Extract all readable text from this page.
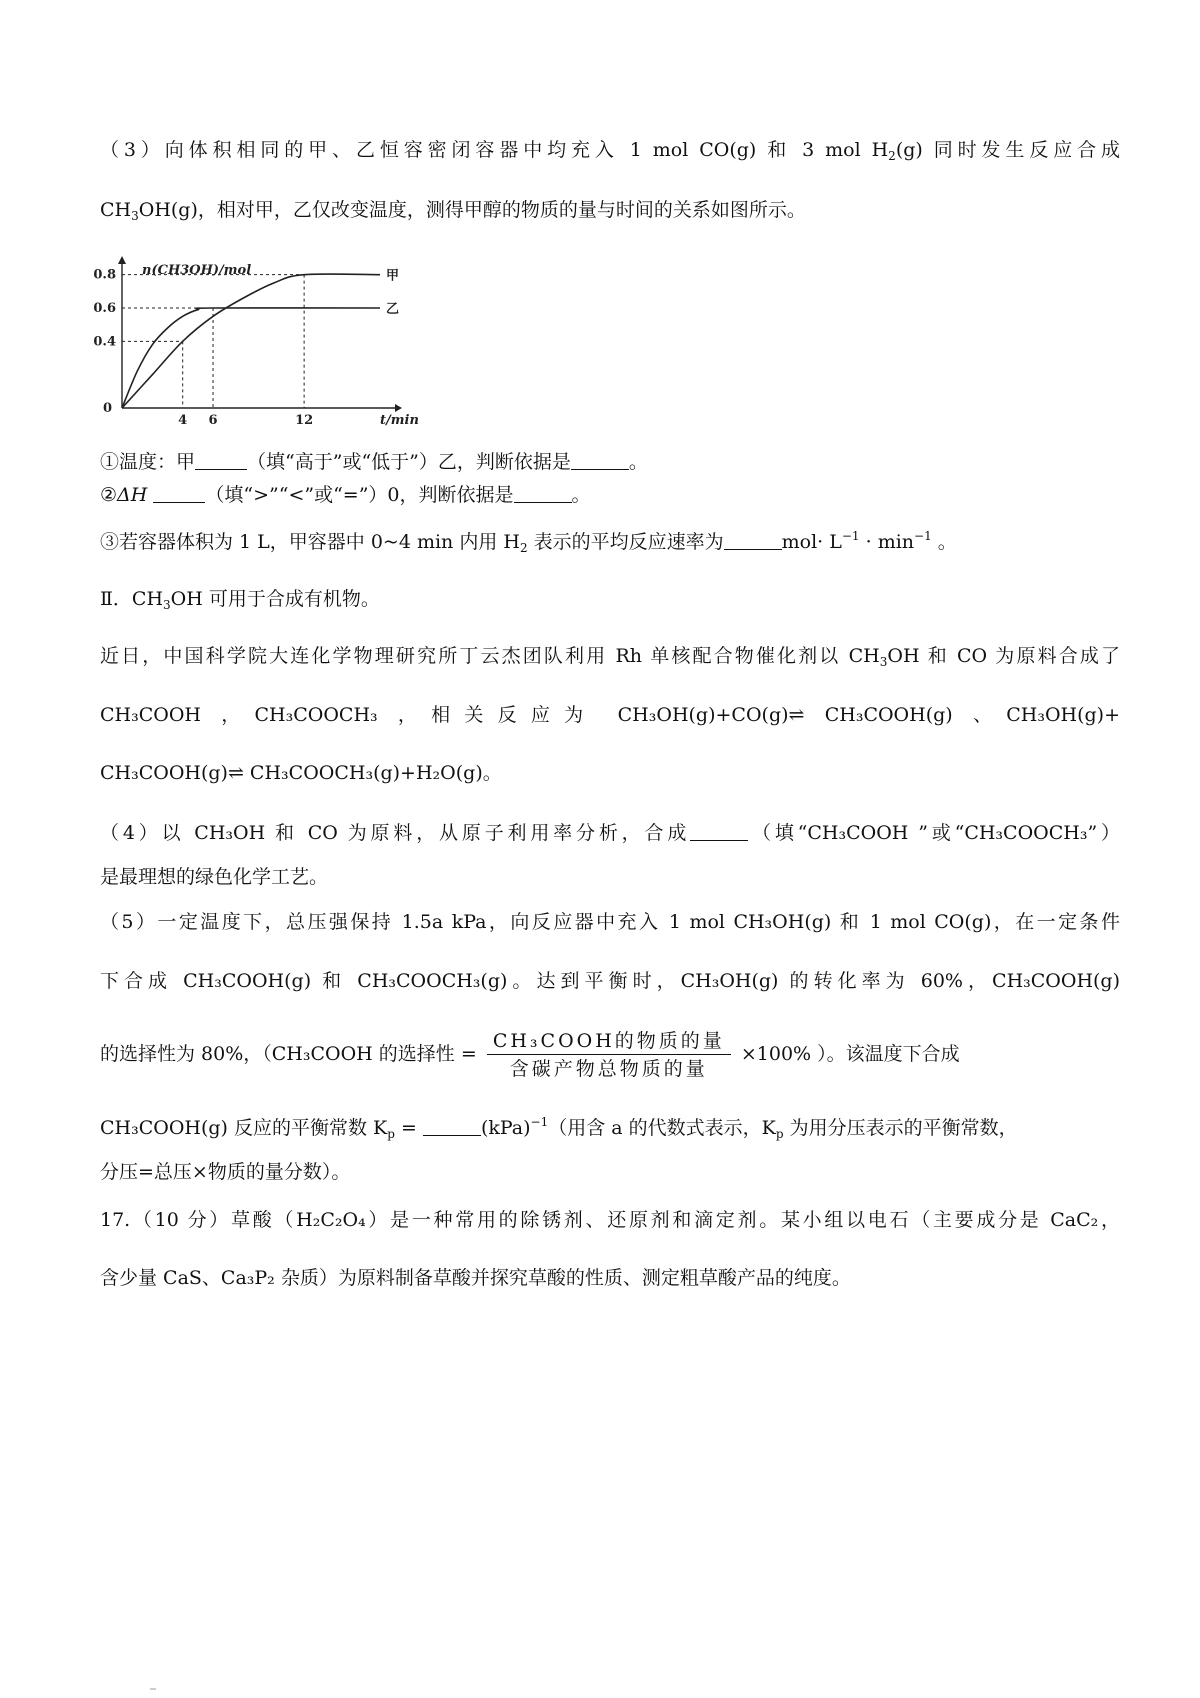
（3）向体积相同的甲、乙恒容密闭容器中均充入 1 mol CO(g) 和 3 mol $H_2(g)$ 同时发生反应合成
$CH_3OH(g)$，相对甲，乙仅改变温度，测得甲醇的物质的量与时间的关系如图所示。
0.4
0.6
0.8
4 6	12
0
n(CH3OH)/mol
t/min
甲
乙
①温度：甲	（填“高于”或“低于”）乙，判断依据是	。
②ΔH	（填“>”“<”或“=”）0，判断依据是	。
③若容器体积为 1 L，甲容器中 0~4 min 内用 $H_2$ 表示的平均反应速率为	$mol\cdot L^{-1} \cdot \min^{-1}$ 。
Ⅱ．$CH_3OH$ 可用于合成有机物。
近日，中国科学院大连化学物理研究所丁云杰团队利用 Rh 单核配合物催化剂以 $CH_3OH$ 和 CO 为原料合成了
CH₃COOH ，CH₃COOCH₃ ，相关反应为 CH₃OH(g)+CO(g)⇌ CH₃COOH(g) 、CH₃OH(g)+
CH₃COOH(g)⇌ CH₃COOCH₃(g)+H₂O(g)。
（4）以 CH₃OH 和 CO 为原料，从原子利用率分析，合成	（填“CH₃COOH ”或“CH₃COOCH₃”）
是最理想的绿色化学工艺。
（5）一定温度下，总压强保持 1.5a kPa，向反应器中充入 1 mol CH₃OH(g) 和 1 mol CO(g)，在一定条件
下合成 CH₃COOH(g) 和 CH₃COOCH₃(g)。达到平衡时，CH₃OH(g) 的转化率为 60%，CH₃COOH(g)
的选择性为 80%，（CH₃COOH 的选择性 = $\frac{\text{CH₃COOH的物质的量}}{\text{含碳产物总物质的量}} \times 100\%$ ）。该温度下合成
CH₃COOH(g) 反应的平衡常数 $K_p$ =	(kPa)$^{-1}$（用含 a 的代数式表示，$K_p$ 为用分压表示的平衡常数，
分压=总压×物质的量分数）。
17.（10 分）草酸（H₂C₂O₄）是一种常用的除锈剂、还原剂和滴定剂。某小组以电石（主要成分是 CaC₂，
含少量 CaS、Ca₃P₂ 杂质）为原料制备草酸并探究草酸的性质、测定粗草酸产品的纯度。
